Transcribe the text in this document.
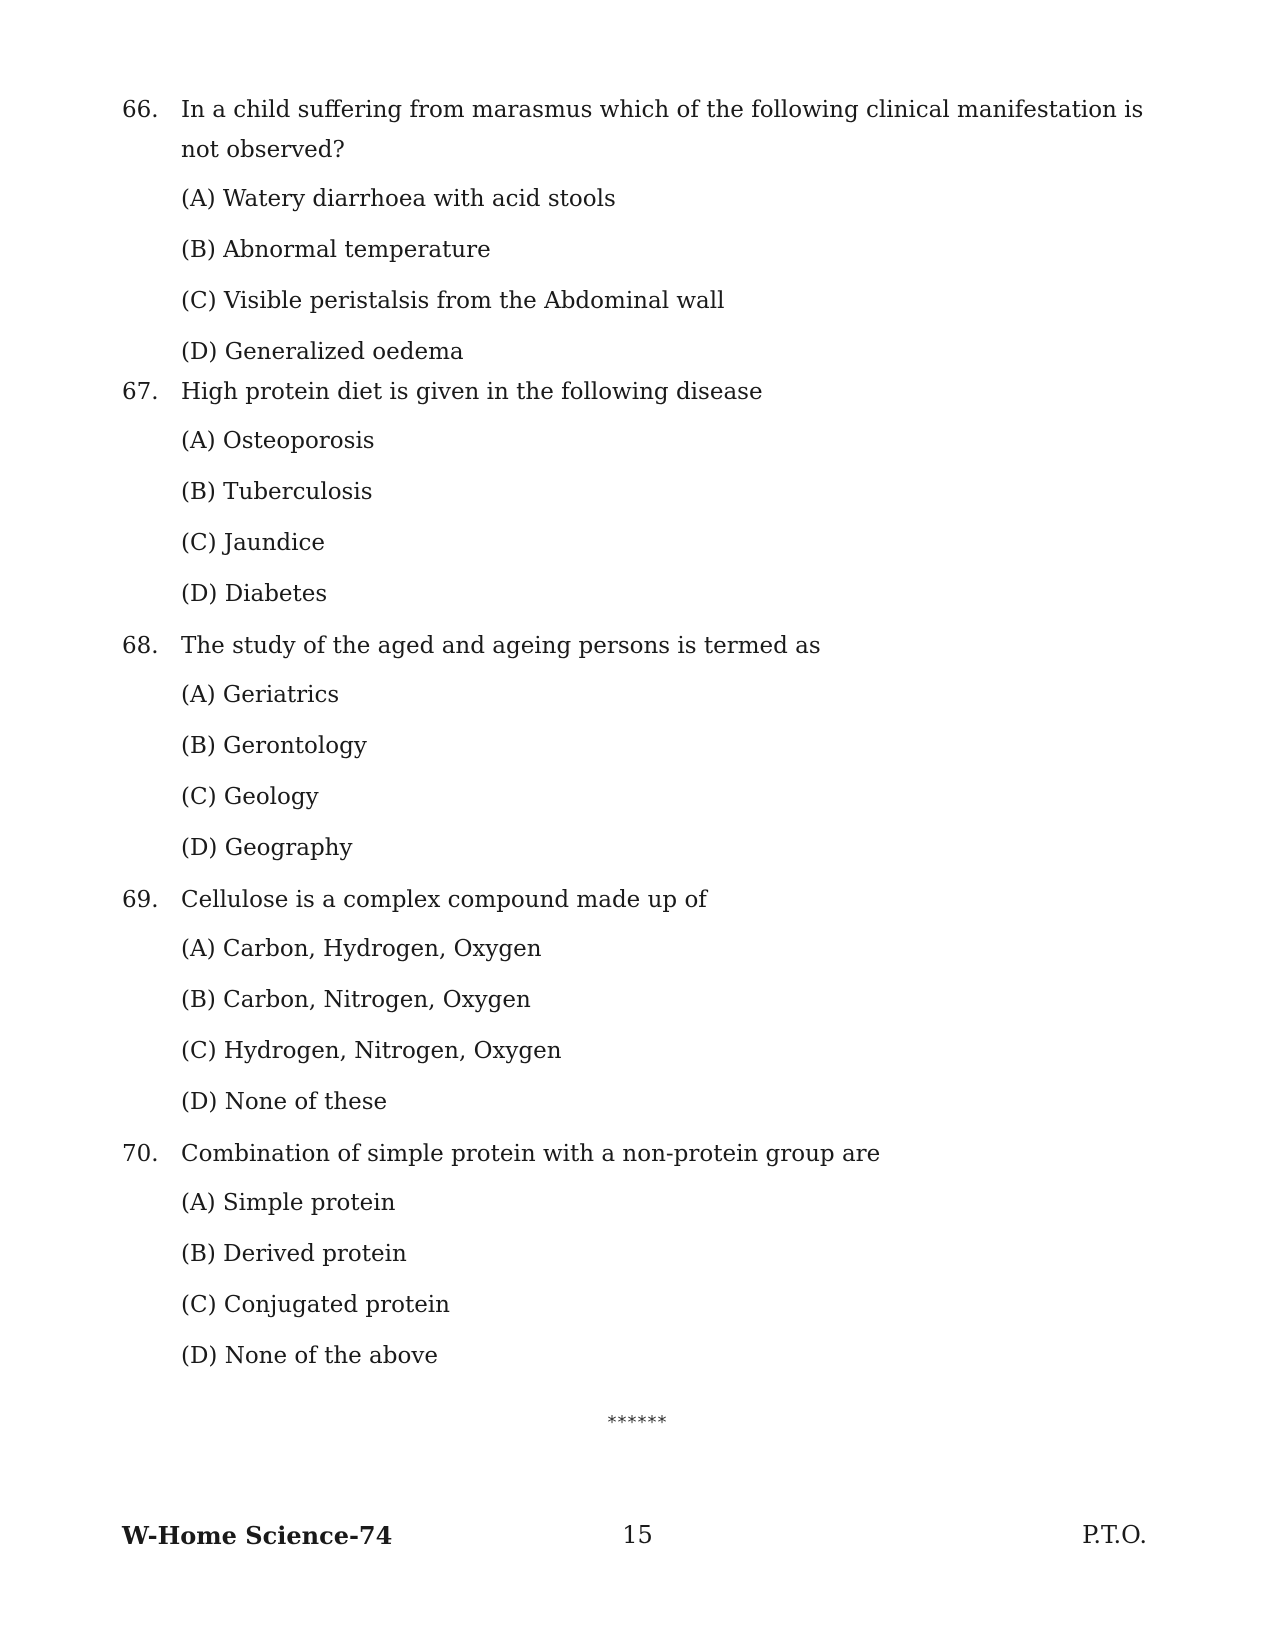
66. In a child suffering from marasmus which of the following clinical manifestation is not observed?
(A) Watery diarrhoea with acid stools
(B) Abnormal temperature
(C) Visible peristalsis from the Abdominal wall
(D) Generalized oedema
67. High protein diet is given in the following disease
(A) Osteoporosis
(B) Tuberculosis
(C) Jaundice
(D) Diabetes
68. The study of the aged and ageing persons is termed as
(A) Geriatrics
(B) Gerontology
(C) Geology
(D) Geography
69. Cellulose is a complex compound made up of
(A) Carbon, Hydrogen, Oxygen
(B) Carbon, Nitrogen, Oxygen
(C) Hydrogen, Nitrogen, Oxygen
(D) None of these
70. Combination of simple protein with a non-protein group are
(A) Simple protein
(B) Derived protein
(C) Conjugated protein
(D) None of the above
******
W-Home Science-74	15	P.T.O.
